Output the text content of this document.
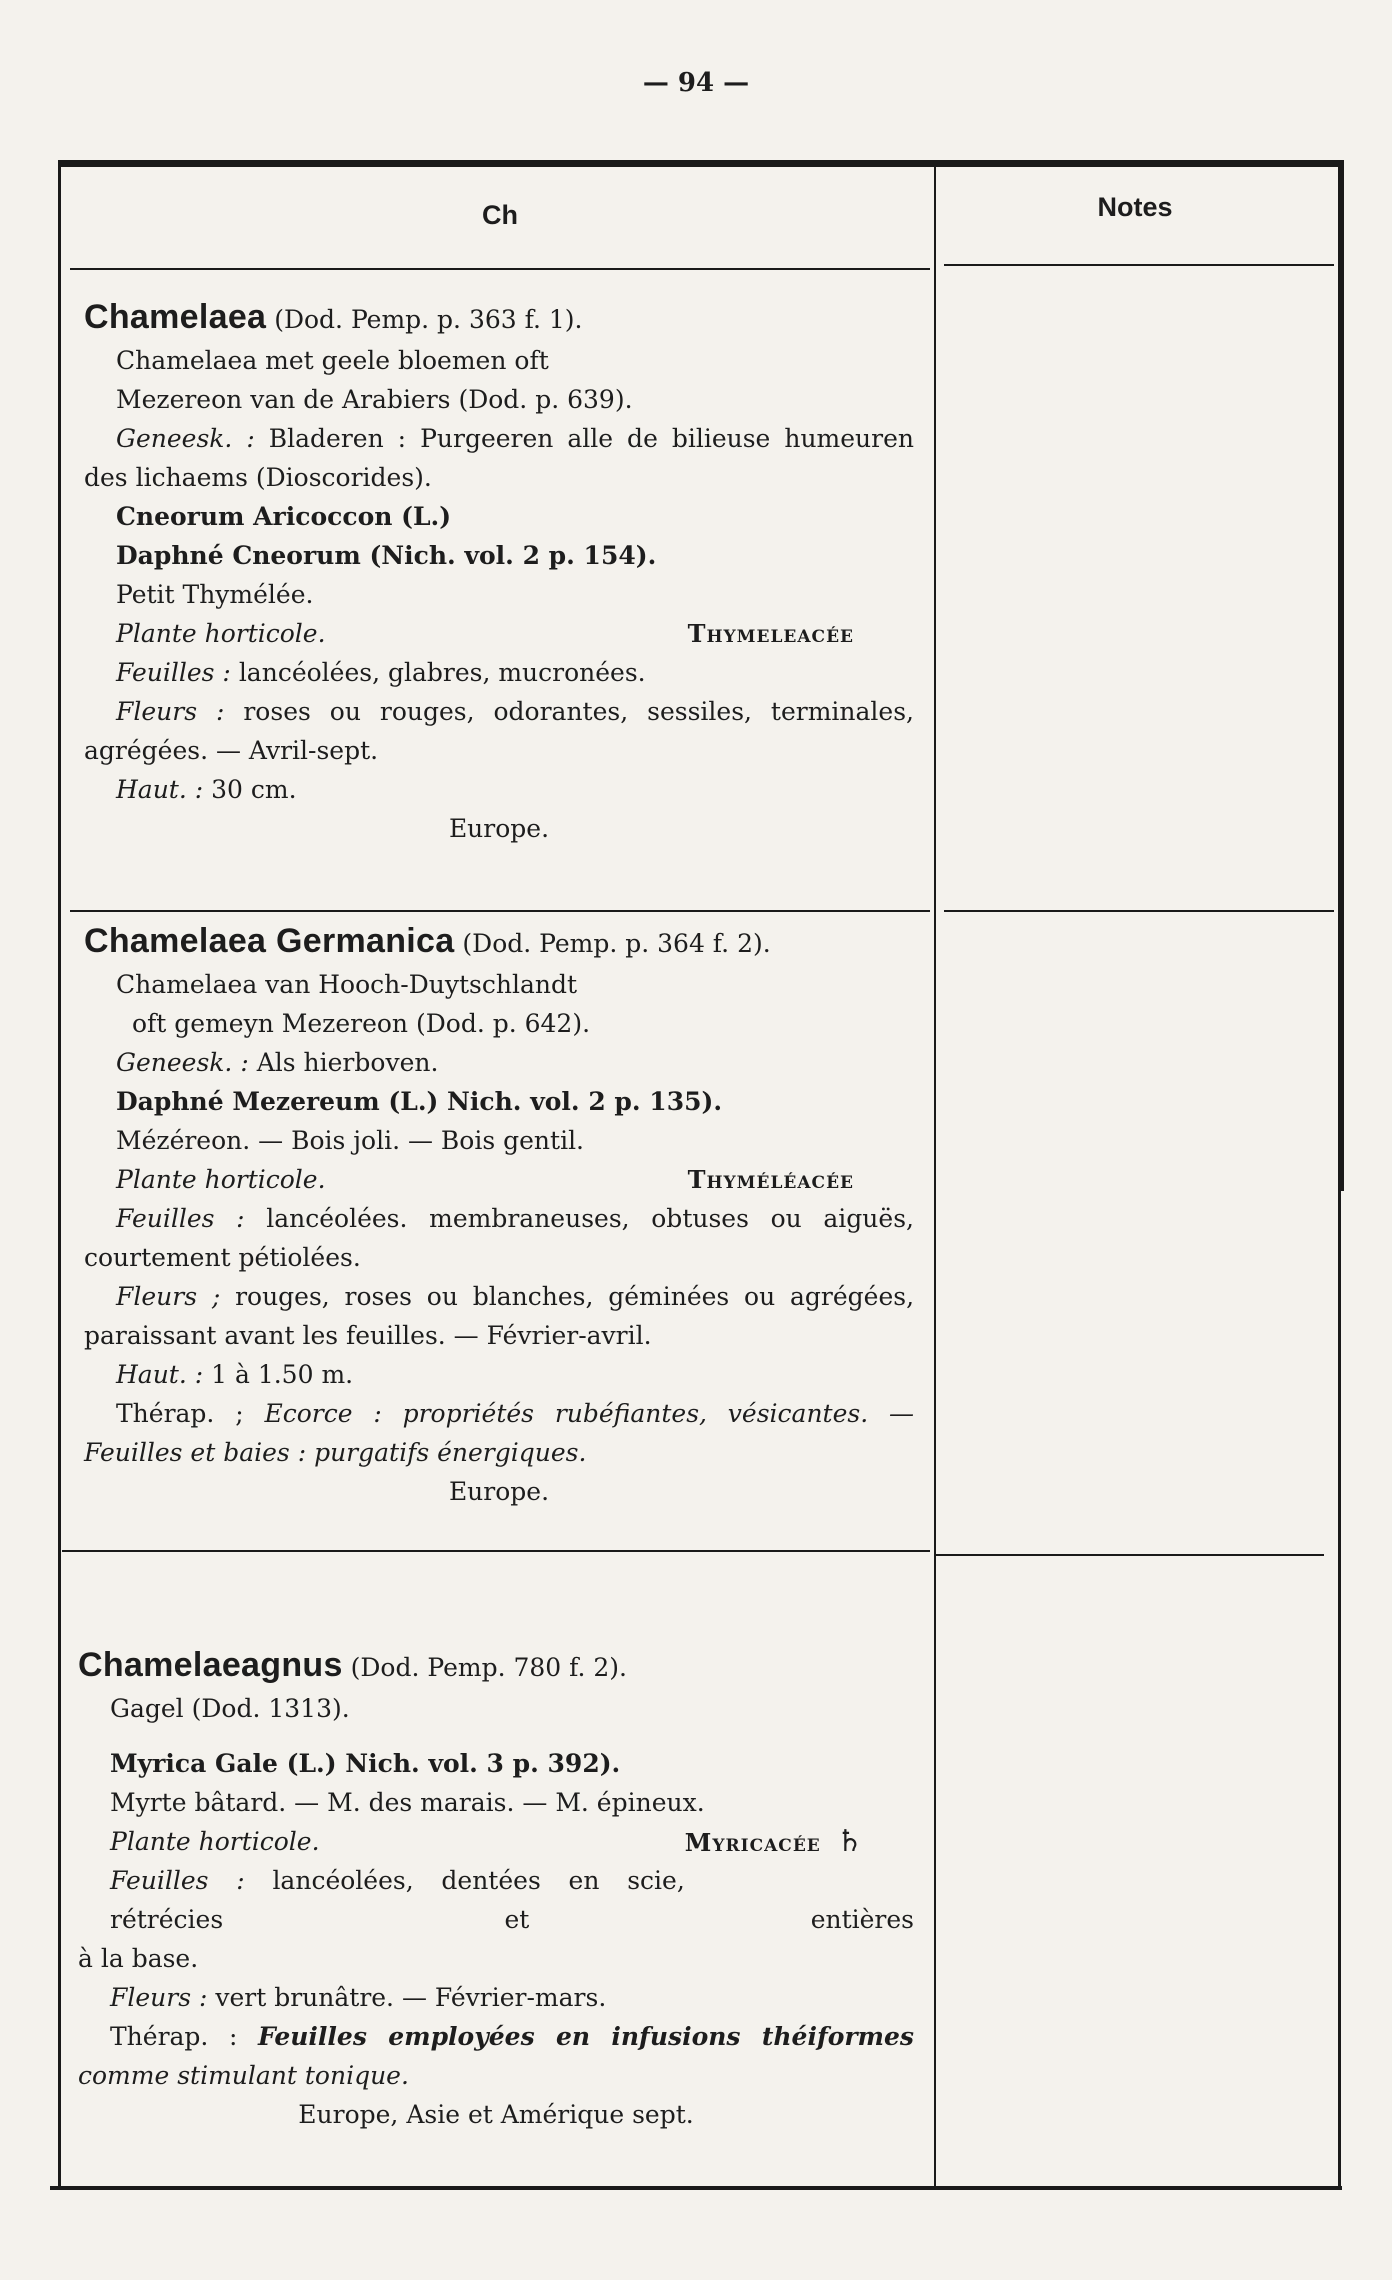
— 94 —
Ch	Notes

Chamelaea (Dod. Pemp. p. 363 f. 1).

Chamelaea met geele bloemen oft

Mezereon van de Arabiers (Dod. p. 639).

Geneesk. : Bladeren : Purgeeren alle de bilieuse humeuren

des lichaems (Dioscorides).

Cneorum Aricoccon (L.)

Daphné Cneorum (Nich. vol. 2 p. 154).

Petit Thymélée.

Plante horticole.	Thymeleacée

Feuilles : lancéolées, glabres, mucronées.

Fleurs : roses ou rouges, odorantes, sessiles, terminales,

agrégées. — Avril-sept.

Haut. : 30 cm.

Europe.

Chamelaea Germanica (Dod. Pemp. p. 364 f. 2).

Chamelaea van Hooch-Duytschlandt

oft gemeyn Mezereon (Dod. p. 642).

Geneesk. : Als hierboven.

Daphné Mezereum (L.) Nich. vol. 2 p. 135).

Mézéreon. — Bois joli. — Bois gentil.

Plante horticole.	Thyméléacée

Feuilles : lancéolées. membraneuses, obtuses ou aiguës,

courtement pétiolées.

Fleurs ; rouges, roses ou blanches, géminées ou agrégées,

paraissant avant les feuilles. — Février-avril.

Haut. : 1 à 1.50 m.

Thérap. ; Ecorce : propriétés rubéfiantes, vésicantes. —

Feuilles et baies : purgatifs énergiques.

Europe.

Chamelaeagnus (Dod. Pemp. 780 f. 2).

Gagel (Dod. 1313).

Myrica Gale (L.) Nich. vol. 3 p. 392).

Myrte bâtard. — M. des marais. — M. épineux.

Plante horticole.	Myricacée ♄

Feuilles : lancéolées, dentées en scie, rétrécies et entières

à la base.

Fleurs : vert brunâtre. — Février-mars.

Thérap. : Feuilles employées en infusions théiformes

comme stimulant tonique.

Europe, Asie et Amérique sept.
